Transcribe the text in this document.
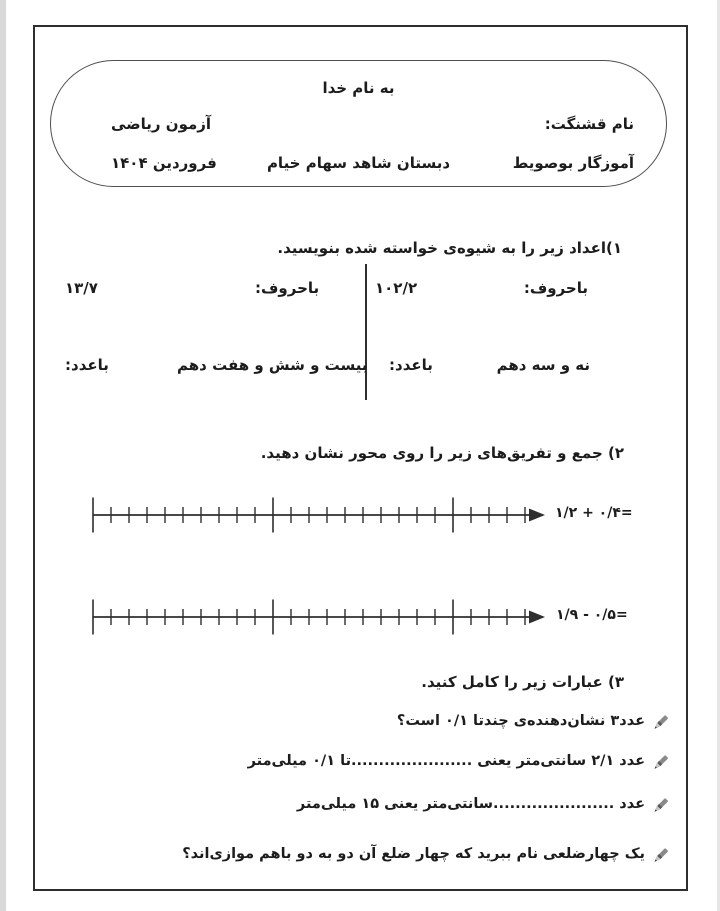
به نام خدا
نام قشنگت:
آزمون ریاضی
آموزگار بوصویط
دبستان شاهد سهام خیام
فروردین ۱۴۰۴
۱)اعداد زیر را به شیوه‌ی خواسته شده بنویسید.
باحروف:
۱۰۲/۲
باحروف:
۱۳/۷
نه و سه دهم
باعدد:
بیست و شش و هفت دهم
باعدد:
۲) جمع و تفریق‌های زیر را روی محور نشان دهید.
۱/۲ + ۰/۴=
۱/۹ - ۰/۵=
۳) عبارات زیر را کامل کنید.
عدد۳ نشان‌دهنده‌ی چندتا ۰/۱ است؟
عدد ۲/۱ سانتی‌متر یعنی ......................تا ۰/۱ میلی‌متر
عدد ......................سانتی‌متر یعنی ۱۵ میلی‌متر
یک چهارضلعی نام ببرید که چهار ضلع آن دو به دو باهم موازی‌اند؟
